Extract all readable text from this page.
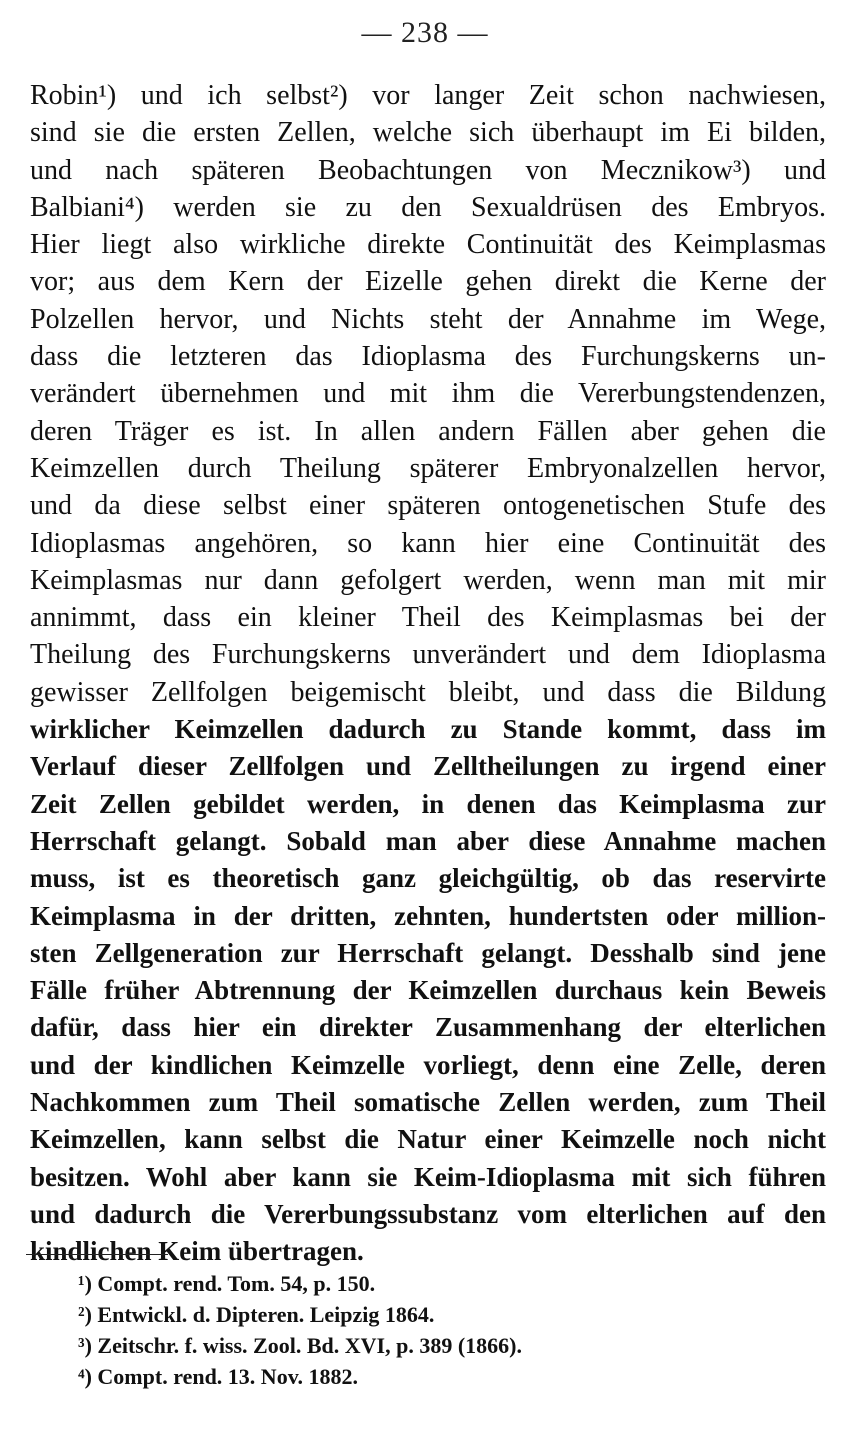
— 238 —
Robin¹) und ich selbst²) vor langer Zeit schon nachwiesen,
sind sie die ersten Zellen, welche sich überhaupt im Ei bilden,
und nach späteren Beobachtungen von Mecznikow³) und
Balbiani⁴) werden sie zu den Sexualdrüsen des Embryos.
Hier liegt also wirkliche direkte Continuität des Keimplasmas
vor; aus dem Kern der Eizelle gehen direkt die Kerne der
Polzellen hervor, und Nichts steht der Annahme im Wege,
dass die letzteren das Idioplasma des Furchungskerns un-
verändert übernehmen und mit ihm die Vererbungstendenzen,
deren Träger es ist. In allen andern Fällen aber gehen die
Keimzellen durch Theilung späterer Embryonalzellen hervor,
und da diese selbst einer späteren ontogenetischen Stufe des
Idioplasmas angehören, so kann hier eine Continuität des
Keimplasmas nur dann gefolgert werden, wenn man mit mir
annimmt, dass ein kleiner Theil des Keimplasmas bei der
Theilung des Furchungskerns unverändert und dem Idioplasma
gewisser Zellfolgen beigemischt bleibt, und dass die Bildung
wirklicher Keimzellen dadurch zu Stande kommt, dass im
Verlauf dieser Zellfolgen und Zelltheilungen zu irgend einer
Zeit Zellen gebildet werden, in denen das Keimplasma zur
Herrschaft gelangt. Sobald man aber diese Annahme machen
muss, ist es theoretisch ganz gleichgültig, ob das reservirte
Keimplasma in der dritten, zehnten, hundertsten oder million-
sten Zellgeneration zur Herrschaft gelangt. Desshalb sind jene
Fälle früher Abtrennung der Keimzellen durchaus kein Beweis
dafür, dass hier ein direkter Zusammenhang der elterlichen
und der kindlichen Keimzelle vorliegt, denn eine Zelle, deren
Nachkommen zum Theil somatische Zellen werden, zum Theil
Keimzellen, kann selbst die Natur einer Keimzelle noch nicht
besitzen. Wohl aber kann sie Keim-Idioplasma mit sich führen
und dadurch die Vererbungssubstanz vom elterlichen auf den
kindlichen Keim übertragen.
¹) Compt. rend. Tom. 54, p. 150.
²) Entwickl. d. Dipteren. Leipzig 1864.
³) Zeitschr. f. wiss. Zool. Bd. XVI, p. 389 (1866).
⁴) Compt. rend. 13. Nov. 1882.
